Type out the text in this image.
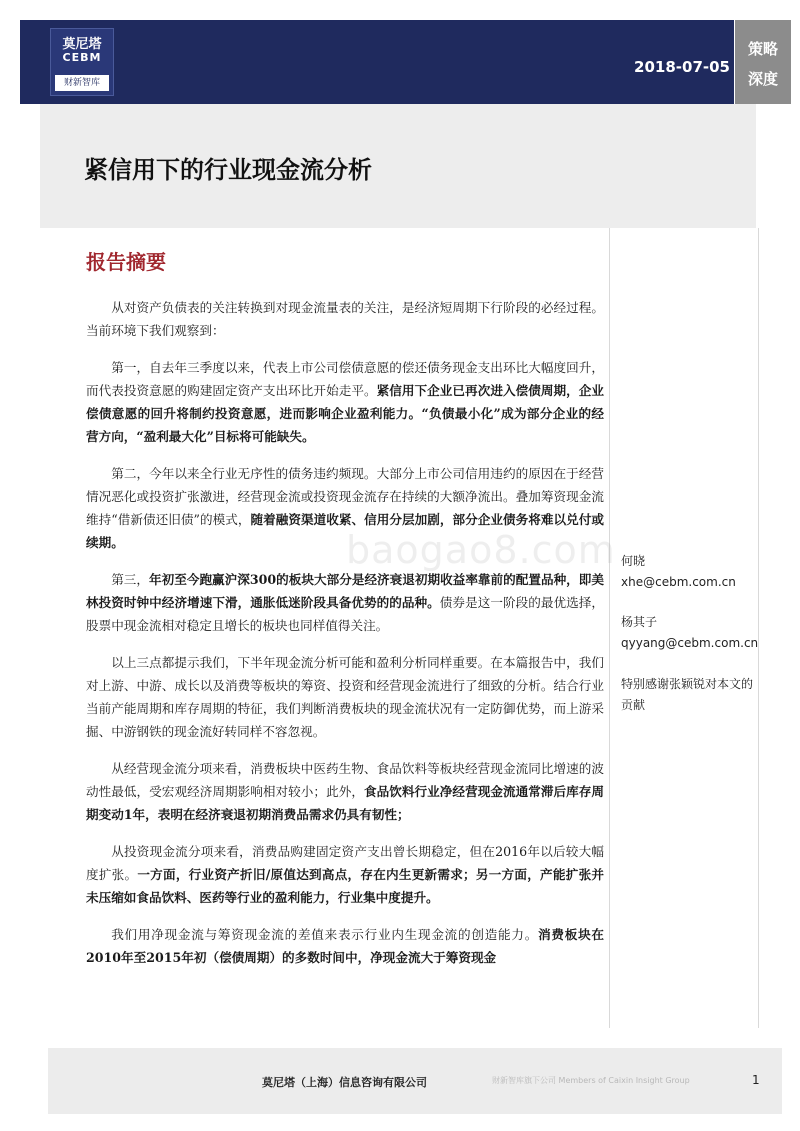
莫尼塔
CEBM
财新智库
2018-07-05
策略
深度
紧信用下的行业现金流分析
报告摘要
baogao8.com

从对资产负债表的关注转换到对现金流量表的关注，是经济短周期下行阶段的必经过程。当前环境下我们观察到：

第一，自去年三季度以来，代表上市公司偿债意愿的偿还债务现金支出环比大幅度回升，而代表投资意愿的购建固定资产支出环比开始走平。紧信用下企业已再次进入偿债周期，企业偿债意愿的回升将制约投资意愿，进而影响企业盈利能力。“负债最小化”成为部分企业的经营方向，“盈利最大化”目标将可能缺失。

第二，今年以来全行业无序性的债务违约频现。大部分上市公司信用违约的原因在于经营情况恶化或投资扩张激进，经营现金流或投资现金流存在持续的大额净流出。叠加筹资现金流维持“借新债还旧债”的模式，随着融资渠道收紧、信用分层加剧，部分企业债务将难以兑付或续期。

第三，年初至今跑赢沪深300的板块大部分是经济衰退初期收益率靠前的配置品种，即美林投资时钟中经济增速下滑，通胀低迷阶段具备优势的的品种。债券是这一阶段的最优选择，股票中现金流相对稳定且增长的板块也同样值得关注。

以上三点都提示我们，下半年现金流分析可能和盈利分析同样重要。在本篇报告中，我们对上游、中游、成长以及消费等板块的筹资、投资和经营现金流进行了细致的分析。结合行业当前产能周期和库存周期的特征，我们判断消费板块的现金流状况有一定防御优势，而上游采掘、中游钢铁的现金流好转同样不容忽视。

从经营现金流分项来看，消费板块中医药生物、食品饮料等板块经营现金流同比增速的波动性最低，受宏观经济周期影响相对较小；此外，食品饮料行业净经营现金流通常滞后库存周期变动1年，表明在经济衰退初期消费品需求仍具有韧性；

从投资现金流分项来看，消费品购建固定资产支出曾长期稳定，但在2016年以后较大幅度扩张。一方面，行业资产折旧/原值达到高点，存在内生更新需求；另一方面，产能扩张并未压缩如食品饮料、医药等行业的盈利能力，行业集中度提升。

我们用净现金流与筹资现金流的差值来表示行业内生现金流的创造能力。消费板块在2010年至2015年初（偿债周期）的多数时间中，净现金流大于筹资现金

何晓
xhe@cebm.com.cn
杨其子
qyyang@cebm.com.cn
特别感谢张颖锐对本文的贡献
莫尼塔（上海）信息咨询有限公司	财新智库旗下公司 Members of Caixin Insight Group	1
